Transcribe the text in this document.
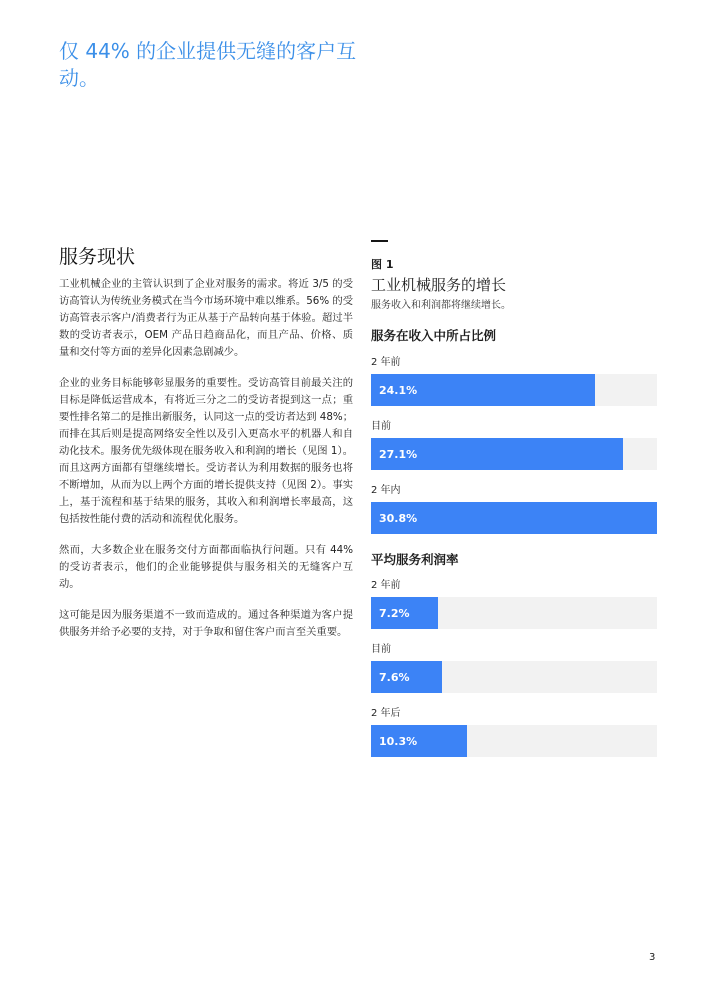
仅 44% 的企业提供无缝的客户互动。
服务现状

工业机械企业的主管认识到了企业对服务的需求。将近 3/5 的受访高管认为传统业务模式在当今市场环境中难以维系。56% 的受访高管表示客户/消费者行为正从基于产品转向基于体验。超过半数的受访者表示，OEM 产品日趋商品化，而且产品、价格、质量和交付等方面的差异化因素急剧减少。

企业的业务目标能够彰显服务的重要性。受访高管目前最关注的目标是降低运营成本，有将近三分之二的受访者提到这一点；重要性排名第二的是推出新服务，认同这一点的受访者达到 48%；而排在其后则是提高网络安全性以及引入更高水平的机器人和自动化技术。服务优先级体现在服务收入和利润的增长（见图 1）。而且这两方面都有望继续增长。受访者认为利用数据的服务也将不断增加，从而为以上两个方面的增长提供支持（见图 2）。事实上，基于流程和基于结果的服务，其收入和利润增长率最高，这包括按性能付费的活动和流程优化服务。

然而，大多数企业在服务交付方面都面临执行问题。只有 44% 的受访者表示，他们的企业能够提供与服务相关的无缝客户互动。

这可能是因为服务渠道不一致而造成的。通过各种渠道为客户提供服务并给予必要的支持，对于争取和留住客户而言至关重要。

图 1

工业机械服务的增长

服务收入和利润都将继续增长。

服务在收入中所占比例

2 年前

24.1%

目前

27.1%

2 年内

30.8%

平均服务利润率

2 年前

7.2%

目前

7.6%

2 年后

10.3%
3
